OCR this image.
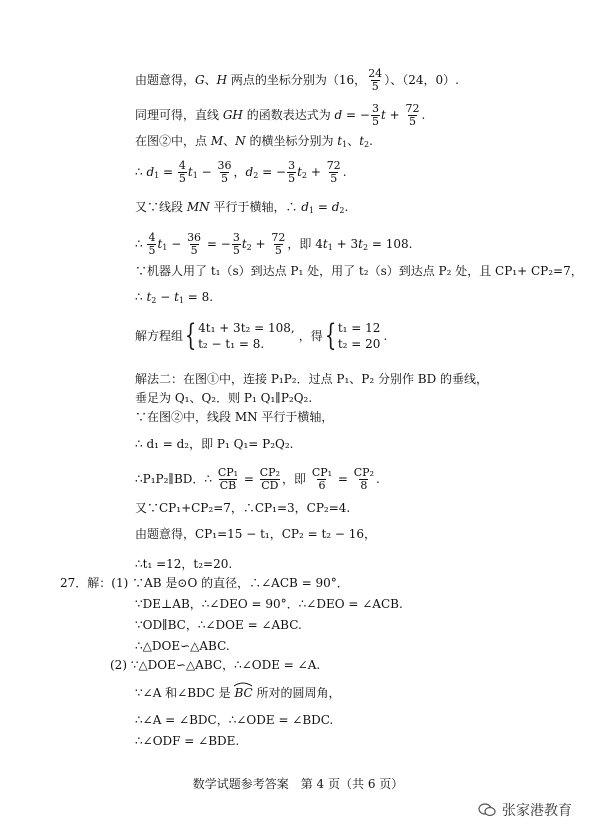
由题意得，G、H 两点的坐标分别为（16， $\frac{24}{5}$ ）、（24，0）.
同理可得，直线 GH 的函数表达式为 d = − $\frac{3}{5}$ $t + \frac{72}{5}$ .
在图②中，点 M、N 的横坐标分别为 $t_1$、$t_2$.
∴ $d_1 = \frac{4}{5} t_1 - \frac{36}{5}$ ，$d_2$ = − $\frac{3}{5} t_2 + \frac{72}{5}$ .
又∵线段 MN 平行于横轴，∴ $d_1 = d_2$.
∴ $\frac{4}{5} t_1 - \frac{36}{5}$ = − $\frac{3}{5} t_2 + \frac{72}{5}$ ，即 $4t_1 + 3t_2 = 108$.
∵机器人用了 t₁（s）到达点 P₁ 处，用了 t₂（s）到达点 P₂ 处，且 CP₁+ CP₂=7，
∴ $t_2 - t_1 = 8$.
解方程组 { 4t₁ + 3t₂ = 108,
t₂ − t₁ = 8.
，得 { t₁ = 12
t₂ = 20
.
解法二：在图①中，连接 P₁P₂．过点 P₁、P₂ 分别作 BD 的垂线，
垂足为 Q₁、Q₂．则 P₁ Q₁∥P₂Q₂.
∵在图②中，线段 MN 平行于横轴，
∴ d₁ = d₂，即 P₁ Q₁= P₂Q₂.
∴P₁P₂∥BD．∴ $\frac{\text{CP₁}}{CB} = \frac{\text{CP₂}}{CD}$ ，即 $\frac{\text{CP₁}}{6} = \frac{\text{CP₂}}{8}$ .
又∵CP₁+CP₂=7，∴CP₁=3，CP₂=4.
由题意得，CP₁=15 − t₁，CP₂ = t₂ − 16，
∴t₁ =12，t₂=20.
27．解：(1) ∵AB 是⊙O 的直径，∴∠ACB = 90°．
∵DE⊥AB，∴∠DEO = 90°．∴∠DEO = ∠ACB.
∵OD∥BC，∴∠DOE = ∠ABC.
∴△DOE∽△ABC.
(2) ∵△DOE∽△ABC，∴∠ODE = ∠A.
∵∠A 和∠BDC 是
BC 所对的圆周角，
∴∠A = ∠BDC，∴∠ODE = ∠BDC.
∴∠ODF = ∠BDE.
数学试题参考答案　第 4 页（共 6 页）
张家港教育
